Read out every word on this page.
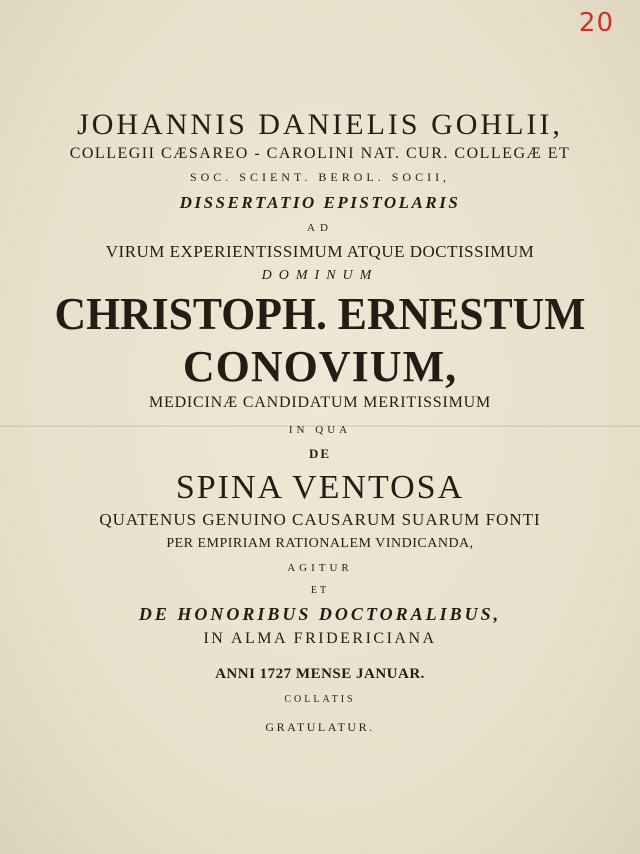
20

JOHANNIS DANIELIS GOHLII,

COLLEGII CÆSAREO - CAROLINI NAT. CUR. COLLEGÆ ET

SOC. SCIENT. BEROL. SOCII,

DISSERTATIO EPISTOLARIS

AD

VIRUM EXPERIENTISSIMUM ATQUE DOCTISSIMUM

DOMINUM

CHRISTOPH. ERNESTUM

CONOVIUM,

MEDICINÆ CANDIDATUM MERITISSIMUM

IN QUA

DE

SPINA VENTOSA

QUATENUS GENUINO CAUSARUM SUARUM FONTI

PER EMPIRIAM RATIONALEM VINDICANDA,

AGITUR

ET

DE HONORIBUS DOCTORALIBUS,

IN ALMA FRIDERICIANA

ANNI 1727 MENSE JANUAR.

COLLATIS

GRATULATUR.
